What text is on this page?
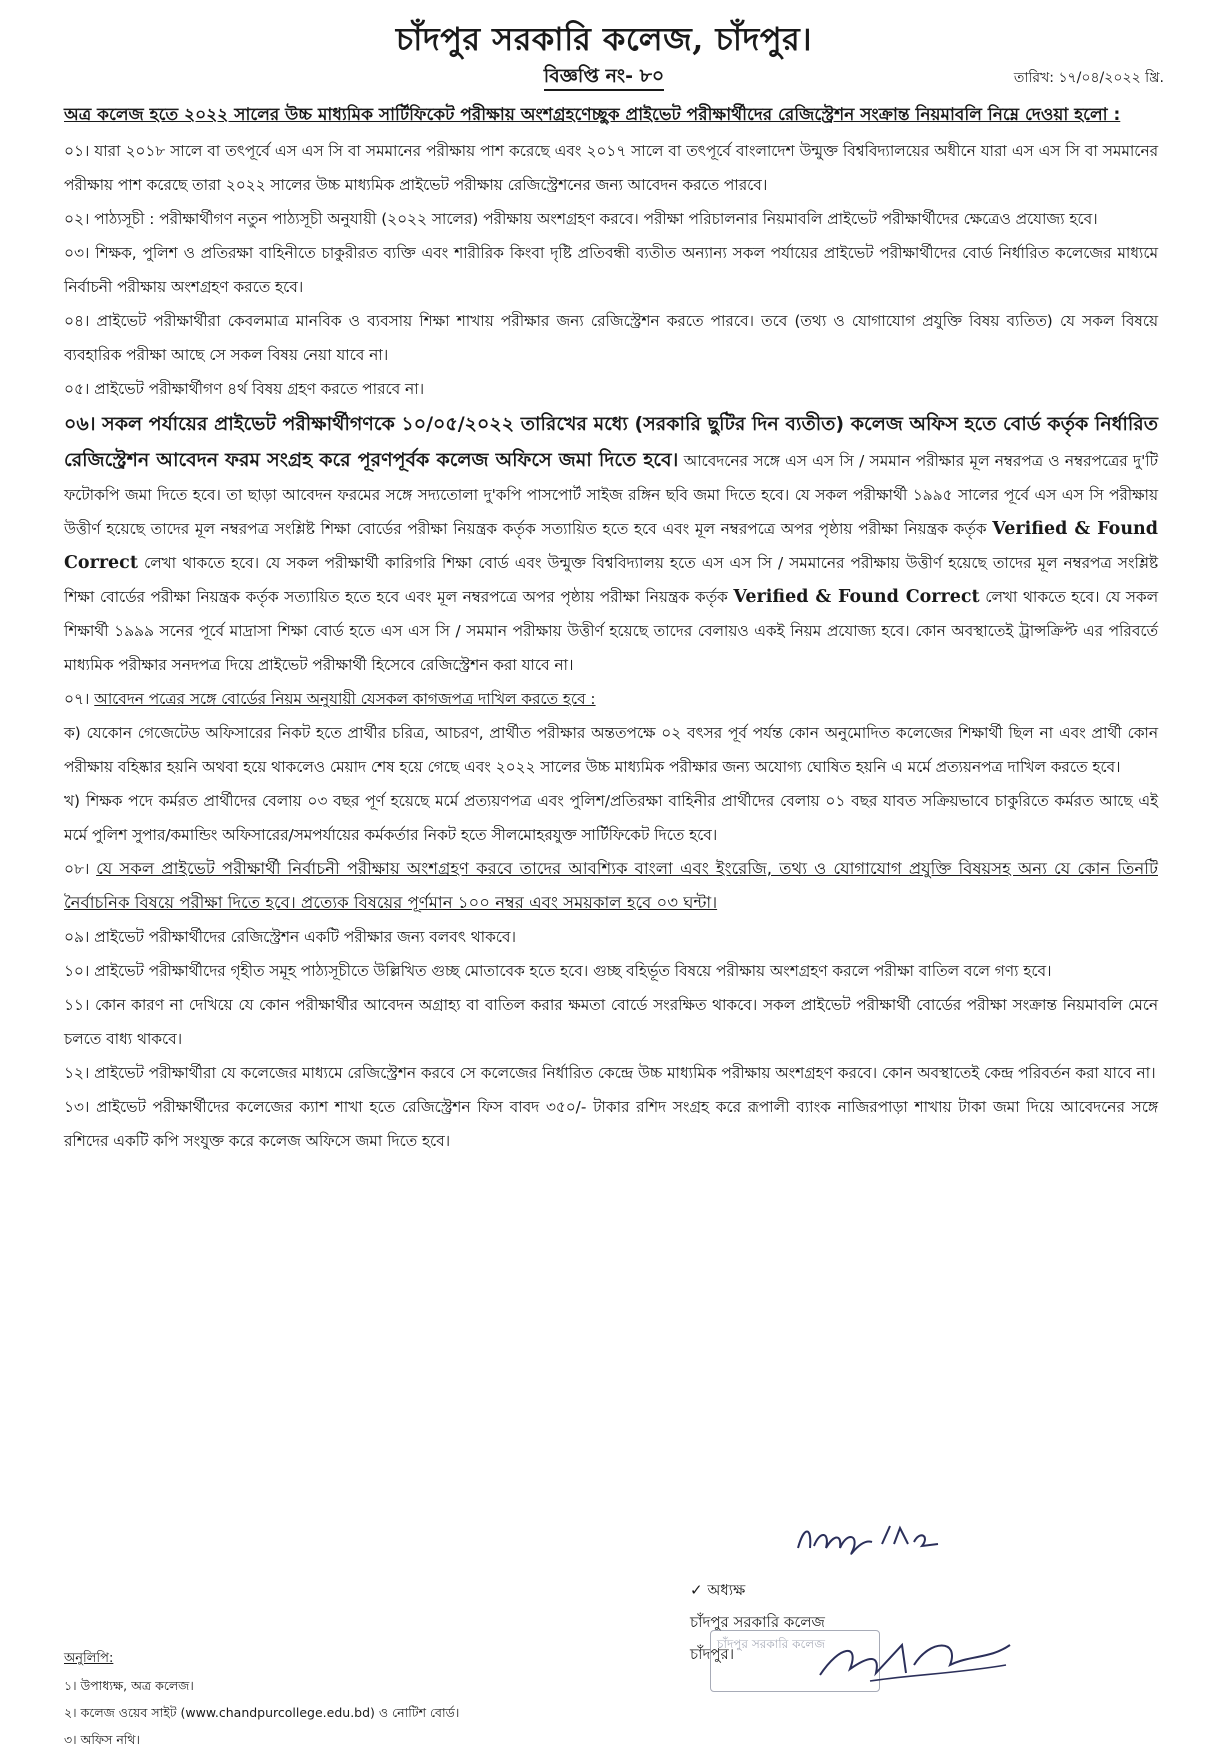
চাঁদপুর সরকারি কলেজ, চাঁদপুর।
বিজ্ঞপ্তি নং- ৮০	তারিখ: ১৭/০৪/২০২২ খ্রি.

অত্র কলেজ হতে ২০২২ সালের উচ্চ মাধ্যমিক সার্টিফিকেট পরীক্ষায় অংশগ্রহণেচ্ছুক প্রাইভেট পরীক্ষার্থীদের রেজিস্ট্রেশন সংক্রান্ত নিয়মাবলি নিম্নে দেওয়া হলো :

০১। যারা ২০১৮ সালে বা তৎপূর্বে এস এস সি বা সমমানের পরীক্ষায় পাশ করেছে এবং ২০১৭ সালে বা তৎপূর্বে বাংলাদেশ উন্মুক্ত বিশ্ববিদ্যালয়ের অধীনে যারা এস এস সি বা সমমানের পরীক্ষায় পাশ করেছে তারা ২০২২ সালের উচ্চ মাধ্যমিক প্রাইভেট পরীক্ষায় রেজিস্ট্রেশনের জন্য আবেদন করতে পারবে।

০২। পাঠ্যসূচী : পরীক্ষার্থীগণ নতুন পাঠ্যসূচী অনুযায়ী (২০২২ সালের) পরীক্ষায় অংশগ্রহণ করবে। পরীক্ষা পরিচালনার নিয়মাবলি প্রাইভেট পরীক্ষার্থীদের ক্ষেত্রেও প্রযোজ্য হবে।

০৩। শিক্ষক, পুলিশ ও প্রতিরক্ষা বাহিনীতে চাকুরীরত ব্যক্তি এবং শারীরিক কিংবা দৃষ্টি প্রতিবন্ধী ব্যতীত অন্যান্য সকল পর্যায়ের প্রাইভেট পরীক্ষার্থীদের বোর্ড নির্ধারিত কলেজের মাধ্যমে নির্বাচনী পরীক্ষায় অংশগ্রহণ করতে হবে।

০৪। প্রাইভেট পরীক্ষার্থীরা কেবলমাত্র মানবিক ও ব্যবসায় শিক্ষা শাখায় পরীক্ষার জন্য রেজিস্ট্রেশন করতে পারবে। তবে (তথ্য ও যোগাযোগ প্রযুক্তি বিষয় ব্যতিত) যে সকল বিষয়ে ব্যবহারিক পরীক্ষা আছে সে সকল বিষয় নেয়া যাবে না।

০৫। প্রাইভেট পরীক্ষার্থীগণ ৪র্থ বিষয় গ্রহণ করতে পারবে না।

০৬। সকল পর্যায়ের প্রাইভেট পরীক্ষার্থীগণকে ১০/০৫/২০২২ তারিখের মধ্যে (সরকারি ছুটির দিন ব্যতীত) কলেজ অফিস হতে বোর্ড কর্তৃক নির্ধারিত রেজিস্ট্রেশন আবেদন ফরম সংগ্রহ করে পূরণপূর্বক কলেজ অফিসে জমা দিতে হবে। আবেদনের সঙ্গে এস এস সি / সমমান পরীক্ষার মূল নম্বরপত্র ও নম্বরপত্রের দু'টি ফটোকপি জমা দিতে হবে। তা ছাড়া আবেদন ফরমের সঙ্গে সদ্যতোলা দু'কপি পাসপোর্ট সাইজ রঙ্গিন ছবি জমা দিতে হবে। যে সকল পরীক্ষার্থী ১৯৯৫ সালের পূর্বে এস এস সি পরীক্ষায় উত্তীর্ণ হয়েছে তাদের মূল নম্বরপত্র সংশ্লিষ্ট শিক্ষা বোর্ডের পরীক্ষা নিয়ন্ত্রক কর্তৃক সত্যায়িত হতে হবে এবং মূল নম্বরপত্রে অপর পৃষ্ঠায় পরীক্ষা নিয়ন্ত্রক কর্তৃক Verified & Found Correct লেখা থাকতে হবে। যে সকল পরীক্ষার্থী কারিগরি শিক্ষা বোর্ড এবং উন্মুক্ত বিশ্ববিদ্যালয় হতে এস এস সি / সমমানের পরীক্ষায় উত্তীর্ণ হয়েছে তাদের মূল নম্বরপত্র সংশ্লিষ্ট শিক্ষা বোর্ডের পরীক্ষা নিয়ন্ত্রক কর্তৃক সত্যায়িত হতে হবে এবং মূল নম্বরপত্রে অপর পৃষ্ঠায় পরীক্ষা নিয়ন্ত্রক কর্তৃক Verified & Found Correct লেখা থাকতে হবে। যে সকল শিক্ষার্থী ১৯৯৯ সনের পূর্বে মাদ্রাসা শিক্ষা বোর্ড হতে এস এস সি / সমমান পরীক্ষায় উত্তীর্ণ হয়েছে তাদের বেলায়ও একই নিয়ম প্রযোজ্য হবে। কোন অবস্থাতেই ট্রান্সক্রিপ্ট এর পরিবর্তে মাধ্যমিক পরীক্ষার সনদপত্র দিয়ে প্রাইভেট পরীক্ষার্থী হিসেবে রেজিস্ট্রেশন করা যাবে না।

০৭। আবেদন পত্রের সঙ্গে বোর্ডের নিয়ম অনুযায়ী যেসকল কাগজপত্র দাখিল করতে হবে :

ক) যেকোন গেজেটেড অফিসারের নিকট হতে প্রার্থীর চরিত্র, আচরণ, প্রার্থীত পরীক্ষার অন্ততপক্ষে ০২ বৎসর পূর্ব পর্যন্ত কোন অনুমোদিত কলেজের শিক্ষার্থী ছিল না এবং প্রার্থী কোন পরীক্ষায় বহিষ্কার হয়নি অথবা হয়ে থাকলেও মেয়াদ শেষ হয়ে গেছে এবং ২০২২ সালের উচ্চ মাধ্যমিক পরীক্ষার জন্য অযোগ্য ঘোষিত হয়নি এ মর্মে প্রত্যয়নপত্র দাখিল করতে হবে।

খ) শিক্ষক পদে কর্মরত প্রার্থীদের বেলায় ০৩ বছর পূর্ণ হয়েছে মর্মে প্রত্যয়ণপত্র এবং পুলিশ/প্রতিরক্ষা বাহিনীর প্রার্থীদের বেলায় ০১ বছর যাবত সক্রিয়ভাবে চাকুরিতে কর্মরত আছে এই মর্মে পুলিশ সুপার/কমান্ডিং অফিসারের/সমপর্যায়ের কর্মকর্তার নিকট হতে সীলমোহরযুক্ত সার্টিফিকেট দিতে হবে।

০৮। যে সকল প্রাইভেট পরীক্ষার্থী নির্বাচনী পরীক্ষায় অংশগ্রহণ করবে তাদের আবশ্যিক বাংলা এবং ইংরেজি, তথ্য ও যোগাযোগ প্রযুক্তি বিষয়সহ অন্য যে কোন তিনটি নৈর্বাচনিক বিষয়ে পরীক্ষা দিতে হবে। প্রত্যেক বিষয়ের পূর্ণমান ১০০ নম্বর এবং সময়কাল হবে ০৩ ঘন্টা।

০৯। প্রাইভেট পরীক্ষার্থীদের রেজিস্ট্রেশন একটি পরীক্ষার জন্য বলবৎ থাকবে।

১০। প্রাইভেট পরীক্ষার্থীদের গৃহীত সমূহ পাঠ্যসূচীতে উল্লিখিত গুচ্ছ মোতাবেক হতে হবে। গুচ্ছ বহির্ভূত বিষয়ে পরীক্ষায় অংশগ্রহণ করলে পরীক্ষা বাতিল বলে গণ্য হবে।

১১। কোন কারণ না দেখিয়ে যে কোন পরীক্ষার্থীর আবেদন অগ্রাহ্য বা বাতিল করার ক্ষমতা বোর্ডে সংরক্ষিত থাকবে। সকল প্রাইভেট পরীক্ষার্থী বোর্ডের পরীক্ষা সংক্রান্ত নিয়মাবলি মেনে চলতে বাধ্য থাকবে।

১২। প্রাইভেট পরীক্ষার্থীরা যে কলেজের মাধ্যমে রেজিস্ট্রেশন করবে সে কলেজের নির্ধারিত কেন্দ্রে উচ্চ মাধ্যমিক পরীক্ষায় অংশগ্রহণ করবে। কোন অবস্থাতেই কেন্দ্র পরিবর্তন করা যাবে না।

১৩। প্রাইভেট পরীক্ষার্থীদের কলেজের ক্যাশ শাখা হতে রেজিস্ট্রেশন ফিস বাবদ ৩৫০/- টাকার রশিদ সংগ্রহ করে রূপালী ব্যাংক নাজিরপাড়া শাখায় টাকা জমা দিয়ে আবেদনের সঙ্গে রশিদের একটি কপি সংযুক্ত করে কলেজ অফিসে জমা দিতে হবে।

✓ অধ্যক্ষ
চাঁদপুর সরকারি কলেজ
চাঁদপুর।
চাঁদপুর সরকারি কলেজ
অনুলিপি:
১। উপাধ্যক্ষ, অত্র কলেজ।
২। কলেজ ওয়েব সাইট (www.chandpurcollege.edu.bd) ও নোটিশ বোর্ড।
৩। অফিস নথি।
